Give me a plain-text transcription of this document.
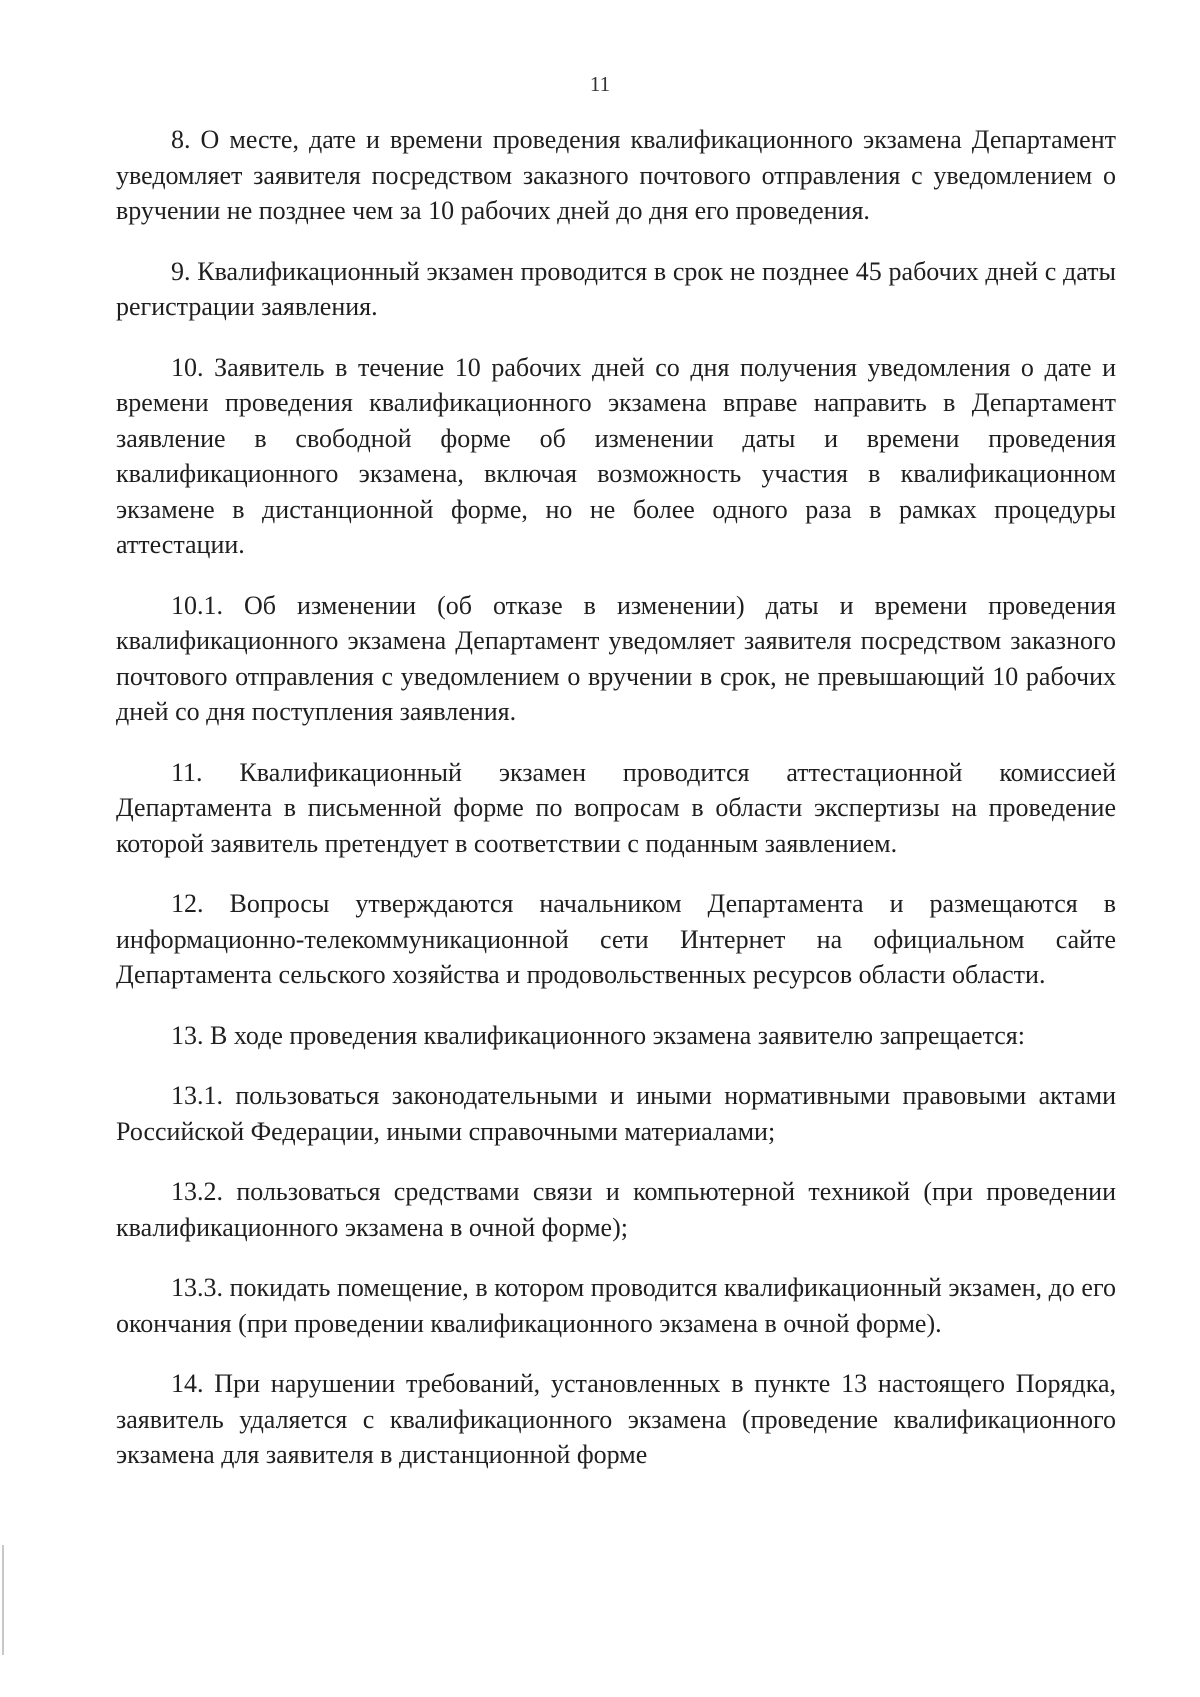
11

8. О месте, дате и времени проведения квалификационного экзамена Департамент уведомляет заявителя посредством заказного почтового отправления с уведомлением о вручении не позднее чем за 10 рабочих дней до дня его проведения.

9. Квалификационный экзамен проводится в срок не позднее 45 рабочих дней с даты регистрации заявления.

10. Заявитель в течение 10 рабочих дней со дня получения уведомления о дате и времени проведения квалификационного экзамена вправе направить в Департамент заявление в свободной форме об изменении даты и времени проведения квалификационного экзамена, включая возможность участия в квалификационном экзамене в дистанционной форме, но не более одного раза в рамках процедуры аттестации.

10.1. Об изменении (об отказе в изменении) даты и времени проведения квалификационного экзамена Департамент уведомляет заявителя посредством заказного почтового отправления с уведомлением о вручении в срок, не превышающий 10 рабочих дней со дня поступления заявления.

11. Квалификационный экзамен проводится аттестационной комиссией Департамента в письменной форме по вопросам в области экспертизы на проведение которой заявитель претендует в соответствии с поданным заявлением.

12. Вопросы утверждаются начальником Департамента и размещаются в информационно-телекоммуникационной сети Интернет на официальном сайте Департамента сельского хозяйства и продовольственных ресурсов области области.

13. В ходе проведения квалификационного экзамена заявителю запрещается:

13.1. пользоваться законодательными и иными нормативными правовыми актами Российской Федерации, иными справочными материалами;

13.2. пользоваться средствами связи и компьютерной техникой (при проведении квалификационного экзамена в очной форме);

13.3. покидать помещение, в котором проводится квалификационный экзамен, до его окончания (при проведении квалификационного экзамена в очной форме).

14. При нарушении требований, установленных в пункте 13 настоящего Порядка, заявитель удаляется с квалификационного экзамена (проведение квалификационного экзамена для заявителя в дистанционной форме
